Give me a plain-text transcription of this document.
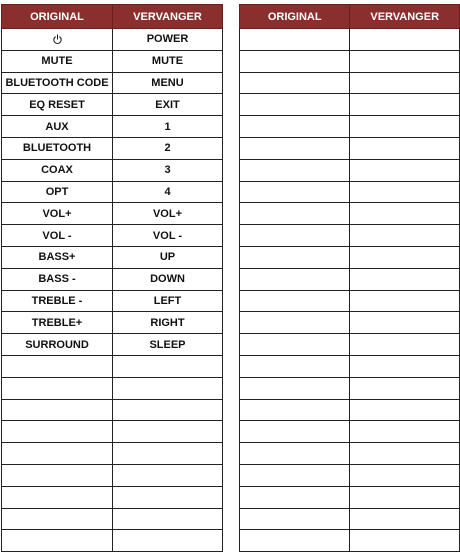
ORIGINAL	VERVANGER
	POWER
MUTE	MUTE
BLUETOOTH CODE	MENU
EQ RESET	EXIT
AUX	1
BLUETOOTH	2
COAX	3
OPT	4
VOL+	VOL+
VOL -	VOL -
BASS+	UP
BASS -	DOWN
TREBLE -	LEFT
TREBLE+	RIGHT
SURROUND	SLEEP

ORIGINAL	VERVANGER
